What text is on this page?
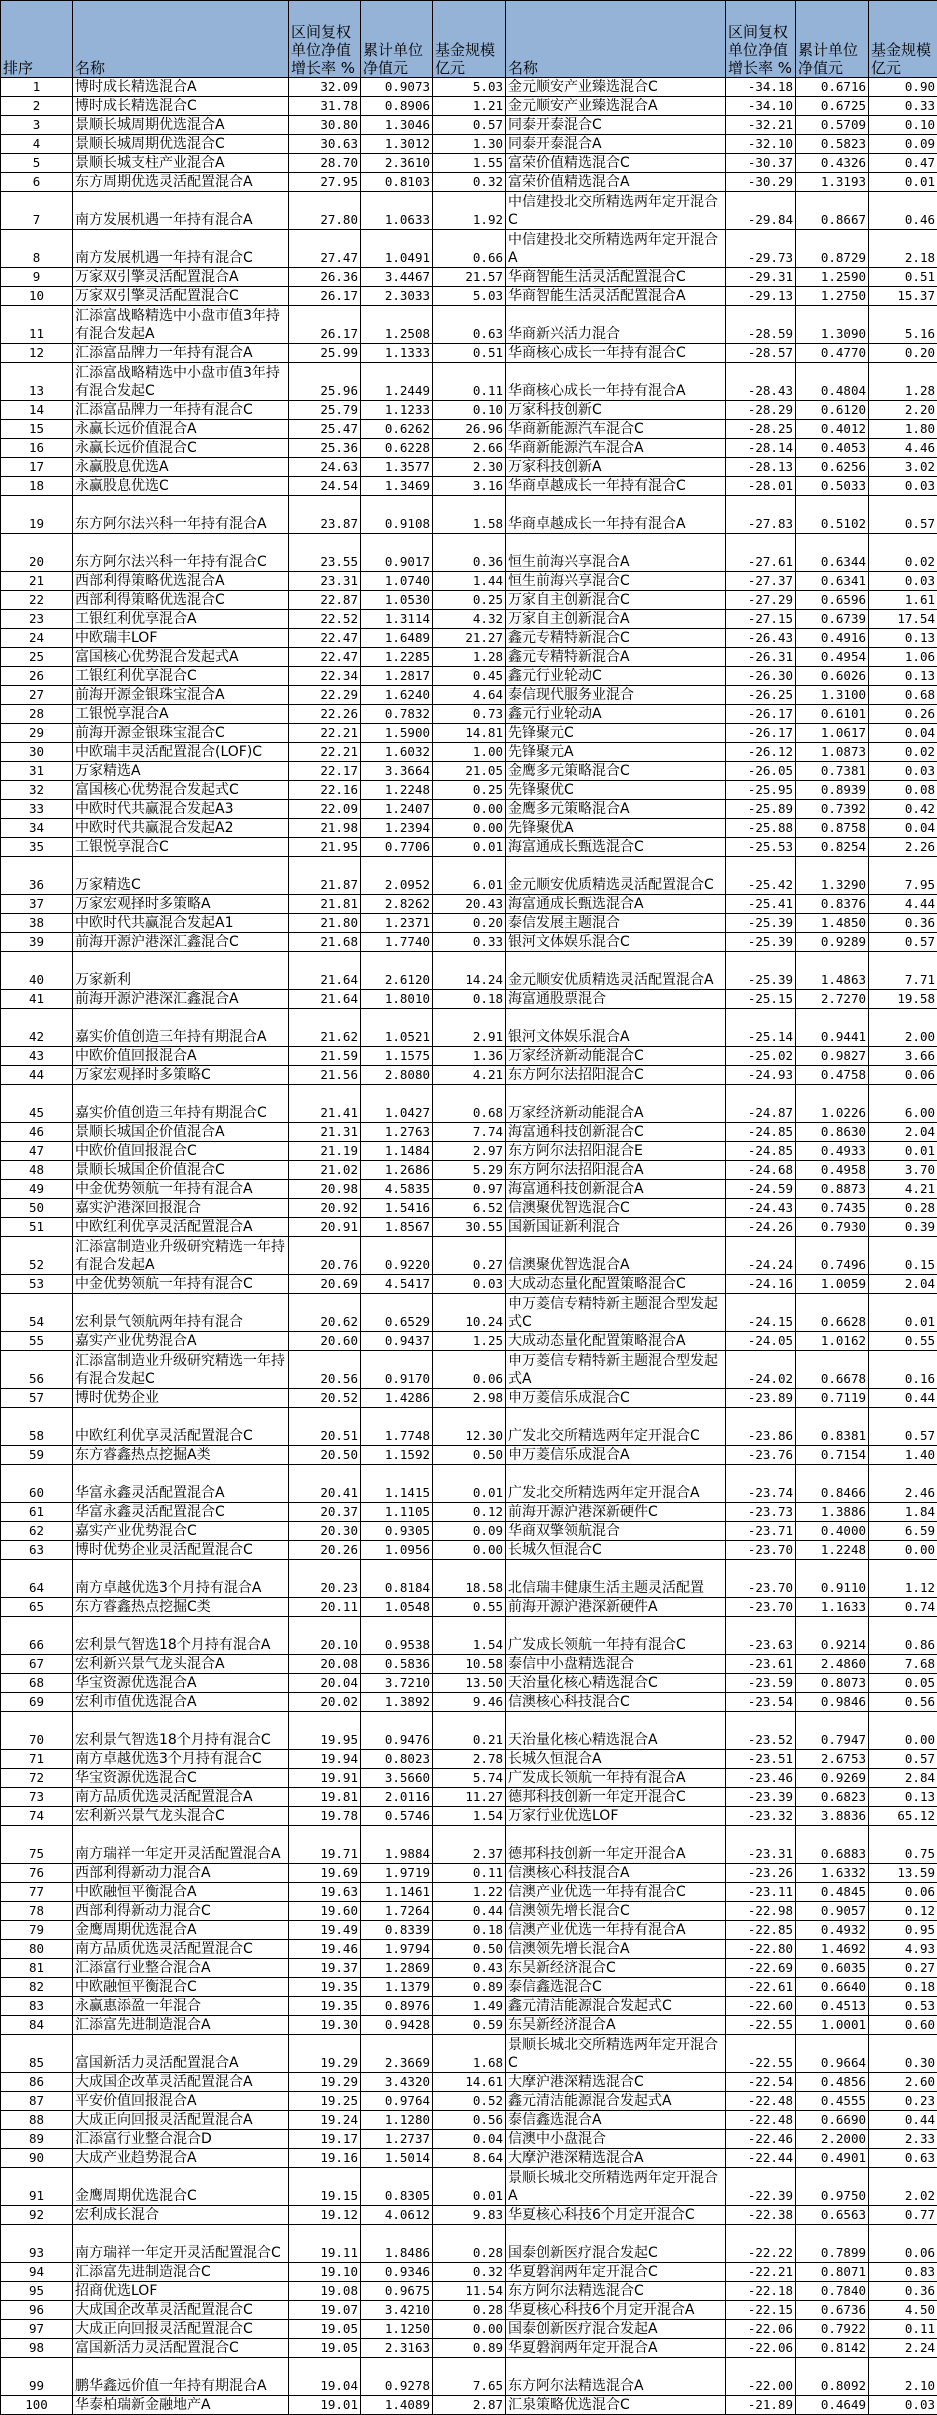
排序	名称	区间复权单位净值增长率 %	累计单位净值元	基金规模 亿元	名称	区间复权单位净值增长率 %	累计单位净值元	基金规模 亿元
1	博时成长精选混合A	32.09	0.9073	5.03	金元顺安产业臻选混合C	-34.18	0.6716	0.90
2	博时成长精选混合C	31.78	0.8906	1.21	金元顺安产业臻选混合A	-34.10	0.6725	0.33
3	景顺长城周期优选混合A	30.80	1.3046	0.57	同泰开泰混合C	-32.21	0.5709	0.10
4	景顺长城周期优选混合C	30.63	1.3012	1.30	同泰开泰混合A	-32.10	0.5823	0.09
5	景顺长城支柱产业混合A	28.70	2.3610	1.55	富荣价值精选混合C	-30.37	0.4326	0.47
6	东方周期优选灵活配置混合A	27.95	0.8103	0.32	富荣价值精选混合A	-30.29	1.3193	0.01
7	南方发展机遇一年持有混合A	27.80	1.0633	1.92	中信建投北交所精选两年定开混合C	-29.84	0.8667	0.46
8	南方发展机遇一年持有混合C	27.47	1.0491	0.66	中信建投北交所精选两年定开混合A	-29.73	0.8729	2.18
9	万家双引擎灵活配置混合A	26.36	3.4467	21.57	华商智能生活灵活配置混合C	-29.31	1.2590	0.51
10	万家双引擎灵活配置混合C	26.17	2.3033	5.03	华商智能生活灵活配置混合A	-29.13	1.2750	15.37
11	汇添富战略精选中小盘市值3年持有混合发起A	26.17	1.2508	0.63	华商新兴活力混合	-28.59	1.3090	5.16
12	汇添富品牌力一年持有混合A	25.99	1.1333	0.51	华商核心成长一年持有混合C	-28.57	0.4770	0.20
13	汇添富战略精选中小盘市值3年持有混合发起C	25.96	1.2449	0.11	华商核心成长一年持有混合A	-28.43	0.4804	1.28
14	汇添富品牌力一年持有混合C	25.79	1.1233	0.10	万家科技创新C	-28.29	0.6120	2.20
15	永赢长远价值混合A	25.47	0.6262	26.96	华商新能源汽车混合C	-28.25	0.4012	1.80
16	永赢长远价值混合C	25.36	0.6228	2.66	华商新能源汽车混合A	-28.14	0.4053	4.46
17	永赢股息优选A	24.63	1.3577	2.30	万家科技创新A	-28.13	0.6256	3.02
18	永赢股息优选C	24.54	1.3469	3.16	华商卓越成长一年持有混合C	-28.01	0.5033	0.03
19	东方阿尔法兴科一年持有混合A	23.87	0.9108	1.58	华商卓越成长一年持有混合A	-27.83	0.5102	0.57
20	东方阿尔法兴科一年持有混合C	23.55	0.9017	0.36	恒生前海兴享混合A	-27.61	0.6344	0.02
21	西部利得策略优选混合A	23.31	1.0740	1.44	恒生前海兴享混合C	-27.37	0.6341	0.03
22	西部利得策略优选混合C	22.87	1.0530	0.25	万家自主创新混合C	-27.29	0.6596	1.61
23	工银红利优享混合A	22.52	1.3114	4.32	万家自主创新混合A	-27.15	0.6739	17.54
24	中欧瑞丰LOF	22.47	1.6489	21.27	鑫元专精特新混合C	-26.43	0.4916	0.13
25	富国核心优势混合发起式A	22.47	1.2285	1.28	鑫元专精特新混合A	-26.31	0.4954	1.06
26	工银红利优享混合C	22.34	1.2817	0.45	鑫元行业轮动C	-26.30	0.6026	0.13
27	前海开源金银珠宝混合A	22.29	1.6240	4.64	泰信现代服务业混合	-26.25	1.3100	0.68
28	工银悦享混合A	22.26	0.7832	0.73	鑫元行业轮动A	-26.17	0.6101	0.26
29	前海开源金银珠宝混合C	22.21	1.5900	14.81	先锋聚元C	-26.17	1.0617	0.04
30	中欧瑞丰灵活配置混合(LOF)C	22.21	1.6032	1.00	先锋聚元A	-26.12	1.0873	0.02
31	万家精选A	22.17	3.3664	21.05	金鹰多元策略混合C	-26.05	0.7381	0.03
32	富国核心优势混合发起式C	22.16	1.2248	0.25	先锋聚优C	-25.95	0.8939	0.08
33	中欧时代共赢混合发起A3	22.09	1.2407	0.00	金鹰多元策略混合A	-25.89	0.7392	0.42
34	中欧时代共赢混合发起A2	21.98	1.2394	0.00	先锋聚优A	-25.88	0.8758	0.04
35	工银悦享混合C	21.95	0.7706	0.01	海富通成长甄选混合C	-25.53	0.8254	2.26
36	万家精选C	21.87	2.0952	6.01	金元顺安优质精选灵活配置混合C	-25.42	1.3290	7.95
37	万家宏观择时多策略A	21.81	2.8262	20.43	海富通成长甄选混合A	-25.41	0.8376	4.44
38	中欧时代共赢混合发起A1	21.80	1.2371	0.20	泰信发展主题混合	-25.39	1.4850	0.36
39	前海开源沪港深汇鑫混合C	21.68	1.7740	0.33	银河文体娱乐混合C	-25.39	0.9289	0.57
40	万家新利	21.64	2.6120	14.24	金元顺安优质精选灵活配置混合A	-25.39	1.4863	7.71
41	前海开源沪港深汇鑫混合A	21.64	1.8010	0.18	海富通股票混合	-25.15	2.7270	19.58
42	嘉实价值创造三年持有期混合A	21.62	1.0521	2.91	银河文体娱乐混合A	-25.14	0.9441	2.00
43	中欧价值回报混合A	21.59	1.1575	1.36	万家经济新动能混合C	-25.02	0.9827	3.66
44	万家宏观择时多策略C	21.56	2.8080	4.21	东方阿尔法招阳混合C	-24.93	0.4758	0.06
45	嘉实价值创造三年持有期混合C	21.41	1.0427	0.68	万家经济新动能混合A	-24.87	1.0226	6.00
46	景顺长城国企价值混合A	21.31	1.2763	7.74	海富通科技创新混合C	-24.85	0.8630	2.04
47	中欧价值回报混合C	21.19	1.1484	2.97	东方阿尔法招阳混合E	-24.85	0.4933	0.01
48	景顺长城国企价值混合C	21.02	1.2686	5.29	东方阿尔法招阳混合A	-24.68	0.4958	3.70
49	中金优势领航一年持有混合A	20.98	4.5835	0.97	海富通科技创新混合A	-24.59	0.8873	4.21
50	嘉实沪港深回报混合	20.92	1.5416	6.52	信澳聚优智选混合C	-24.43	0.7435	0.28
51	中欧红利优享灵活配置混合A	20.91	1.8567	30.55	国新国证新利混合	-24.26	0.7930	0.39
52	汇添富制造业升级研究精选一年持有混合发起A	20.76	0.9220	0.27	信澳聚优智选混合A	-24.24	0.7496	0.15
53	中金优势领航一年持有混合C	20.69	4.5417	0.03	大成动态量化配置策略混合C	-24.16	1.0059	2.04
54	宏利景气领航两年持有混合	20.62	0.6529	10.24	申万菱信专精特新主题混合型发起式C	-24.15	0.6628	0.01
55	嘉实产业优势混合A	20.60	0.9437	1.25	大成动态量化配置策略混合A	-24.05	1.0162	0.55
56	汇添富制造业升级研究精选一年持有混合发起C	20.56	0.9170	0.06	申万菱信专精特新主题混合型发起式A	-24.02	0.6678	0.16
57	博时优势企业	20.52	1.4286	2.98	申万菱信乐成混合C	-23.89	0.7119	0.44
58	中欧红利优享灵活配置混合C	20.51	1.7748	12.30	广发北交所精选两年定开混合C	-23.86	0.8381	0.57
59	东方睿鑫热点挖掘A类	20.50	1.1592	0.50	申万菱信乐成混合A	-23.76	0.7154	1.40
60	华富永鑫灵活配置混合A	20.41	1.1415	0.01	广发北交所精选两年定开混合A	-23.74	0.8466	2.46
61	华富永鑫灵活配置混合C	20.37	1.1105	0.12	前海开源沪港深新硬件C	-23.73	1.3886	1.84
62	嘉实产业优势混合C	20.30	0.9305	0.09	华商双擎领航混合	-23.71	0.4000	6.59
63	博时优势企业灵活配置混合C	20.26	1.0956	0.00	长城久恒混合C	-23.70	1.2248	0.00
64	南方卓越优选3个月持有混合A	20.23	0.8184	18.58	北信瑞丰健康生活主题灵活配置	-23.70	0.9110	1.12
65	东方睿鑫热点挖掘C类	20.11	1.0548	0.55	前海开源沪港深新硬件A	-23.70	1.1633	0.74
66	宏利景气智选18个月持有混合A	20.10	0.9538	1.54	广发成长领航一年持有混合C	-23.63	0.9214	0.86
67	宏利新兴景气龙头混合A	20.08	0.5836	10.58	泰信中小盘精选混合	-23.61	2.4860	7.68
68	华宝资源优选混合A	20.04	3.7210	13.50	天治量化核心精选混合C	-23.59	0.8073	0.05
69	宏利市值优选混合A	20.02	1.3892	9.46	信澳核心科技混合C	-23.54	0.9846	0.56
70	宏利景气智选18个月持有混合C	19.95	0.9476	0.21	天治量化核心精选混合A	-23.52	0.7947	0.00
71	南方卓越优选3个月持有混合C	19.94	0.8023	2.78	长城久恒混合A	-23.51	2.6753	0.57
72	华宝资源优选混合C	19.91	3.5660	5.74	广发成长领航一年持有混合A	-23.46	0.9269	2.84
73	南方品质优选灵活配置混合A	19.81	2.0116	11.27	德邦科技创新一年定开混合C	-23.39	0.6823	0.13
74	宏利新兴景气龙头混合C	19.78	0.5746	1.54	万家行业优选LOF	-23.32	3.8836	65.12
75	南方瑞祥一年定开灵活配置混合A	19.71	1.9884	2.37	德邦科技创新一年定开混合A	-23.31	0.6883	0.75
76	西部利得新动力混合A	19.69	1.9719	0.11	信澳核心科技混合A	-23.26	1.6332	13.59
77	中欧融恒平衡混合A	19.63	1.1461	1.22	信澳产业优选一年持有混合C	-23.11	0.4845	0.06
78	西部利得新动力混合C	19.60	1.7264	0.44	信澳领先增长混合C	-22.98	0.9057	0.12
79	金鹰周期优选混合A	19.49	0.8339	0.18	信澳产业优选一年持有混合A	-22.85	0.4932	0.95
80	南方品质优选灵活配置混合C	19.46	1.9794	0.50	信澳领先增长混合A	-22.80	1.4692	4.93
81	汇添富行业整合混合A	19.37	1.2869	0.43	东吴新经济混合C	-22.69	0.6035	0.27
82	中欧融恒平衡混合C	19.35	1.1379	0.89	泰信鑫选混合C	-22.61	0.6640	0.18
83	永赢惠添盈一年混合	19.35	0.8976	1.49	鑫元清洁能源混合发起式C	-22.60	0.4513	0.53
84	汇添富先进制造混合A	19.30	0.9428	0.59	东吴新经济混合A	-22.55	1.0001	0.60
85	富国新活力灵活配置混合A	19.29	2.3669	1.68	景顺长城北交所精选两年定开混合C	-22.55	0.9664	0.30
86	大成国企改革灵活配置混合A	19.29	3.4320	14.61	大摩沪港深精选混合C	-22.54	0.4856	2.60
87	平安价值回报混合A	19.25	0.9764	0.52	鑫元清洁能源混合发起式A	-22.48	0.4555	0.23
88	大成正向回报灵活配置混合A	19.24	1.1280	0.56	泰信鑫选混合A	-22.48	0.6690	0.44
89	汇添富行业整合混合D	19.17	1.2737	0.04	信澳中小盘混合	-22.46	2.2000	2.33
90	大成产业趋势混合A	19.16	1.5014	8.64	大摩沪港深精选混合A	-22.44	0.4901	0.63
91	金鹰周期优选混合C	19.15	0.8305	0.01	景顺长城北交所精选两年定开混合A	-22.39	0.9750	2.02
92	宏利成长混合	19.12	4.0612	9.83	华夏核心科技6个月定开混合C	-22.38	0.6563	0.77
93	南方瑞祥一年定开灵活配置混合C	19.11	1.8486	0.28	国泰创新医疗混合发起C	-22.22	0.7899	0.06
94	汇添富先进制造混合C	19.10	0.9346	0.32	华夏磐润两年定开混合C	-22.21	0.8071	0.83
95	招商优选LOF	19.08	0.9675	11.54	东方阿尔法精选混合C	-22.18	0.7840	0.36
96	大成国企改革灵活配置混合C	19.07	3.4210	0.28	华夏核心科技6个月定开混合A	-22.15	0.6736	4.50
97	大成正向回报灵活配置混合C	19.05	1.1250	0.00	国泰创新医疗混合发起A	-22.06	0.7922	0.11
98	富国新活力灵活配置混合C	19.05	2.3163	0.89	华夏磐润两年定开混合A	-22.06	0.8142	2.24
99	鹏华鑫远价值一年持有期混合A	19.04	0.9278	7.65	东方阿尔法精选混合A	-22.00	0.8092	2.10
100	华泰柏瑞新金融地产A	19.01	1.4089	2.87	汇泉策略优选混合C	-21.89	0.4649	0.03
